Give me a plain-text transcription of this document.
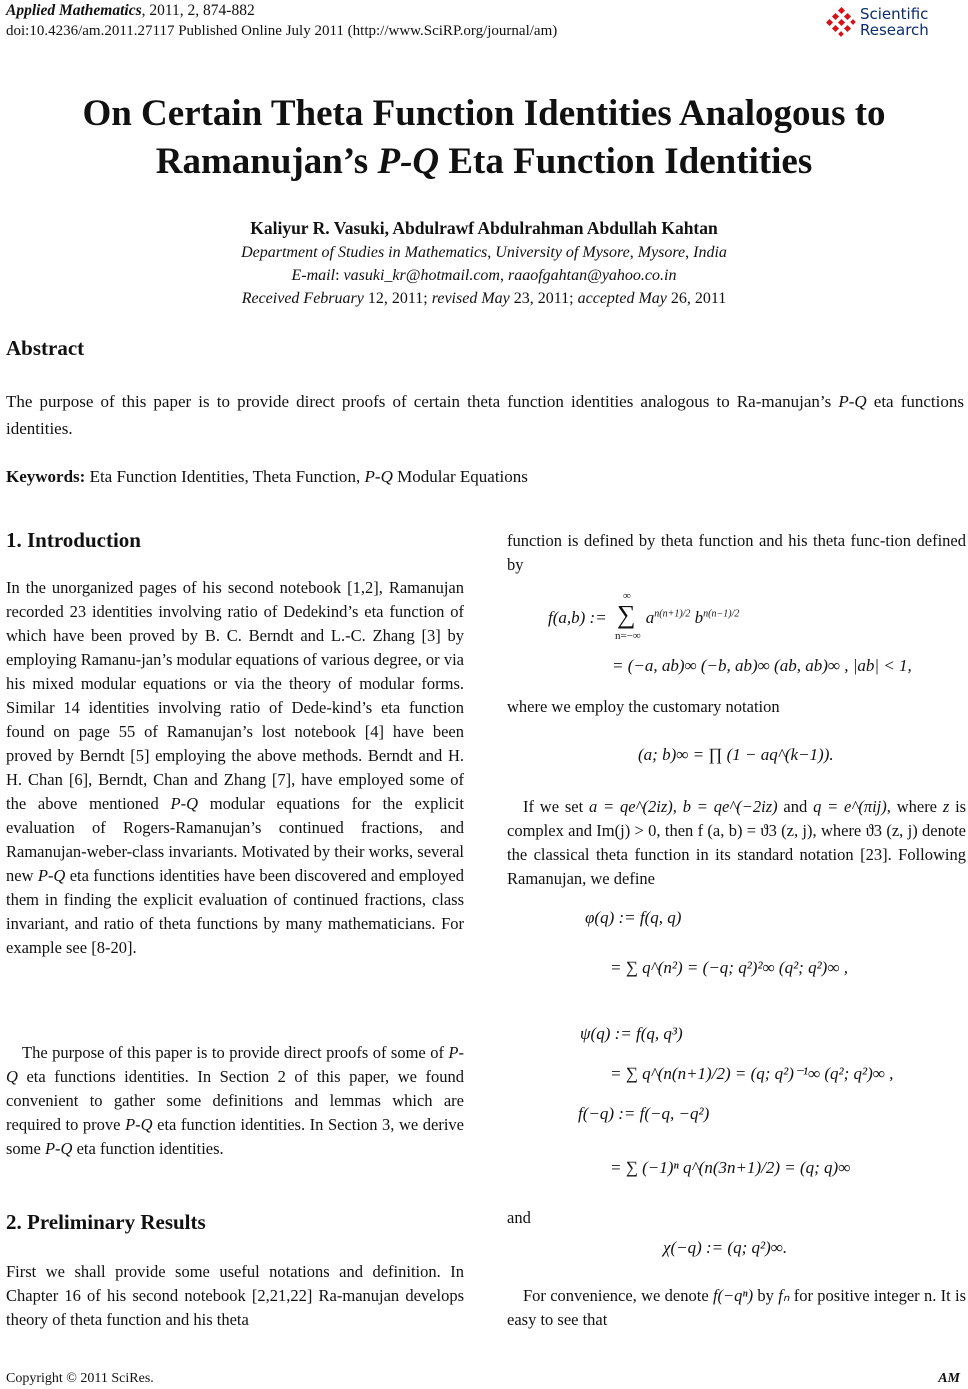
Applied Mathematics, 2011, 2, 874-882
doi:10.4236/am.2011.27117 Published Online July 2011 (http://www.SciRP.org/journal/am)
Scientific
Research
On Certain Theta Function Identities Analogous to
Ramanujan’s P-Q Eta Function Identities
Kaliyur R. Vasuki, Abdulrawf Abdulrahman Abdullah Kahtan
Department of Studies in Mathematics, University of Mysore, Mysore, India
E-mail: vasuki_kr@hotmail.com, raaofgahtan@yahoo.co.in
Received February 12, 2011; revised May 23, 2011; accepted May 26, 2011
Abstract
The purpose of this paper is to provide direct proofs of certain theta function identities analogous to Ra-manujan’s P-Q eta functions identities.
Keywords: Eta Function Identities, Theta Function, P-Q Modular Equations
1. Introduction
In the unorganized pages of his second notebook [1,2], Ramanujan recorded 23 identities involving ratio of Dedekind’s eta function of which have been proved by B. C. Berndt and L.-C. Zhang [3] by employing Ramanu-jan’s modular equations of various degree, or via his mixed modular equations or via the theory of modular forms. Similar 14 identities involving ratio of Dede-kind’s eta function found on page 55 of Ramanujan’s lost notebook [4] have been proved by Berndt [5] employing the above methods. Berndt and H. H. Chan [6], Berndt, Chan and Zhang [7], have employed some of the above mentioned P-Q modular equations for the explicit evaluation of Rogers-Ramanujan’s continued fractions, and Ramanujan-weber-class invariants. Motivated by their works, several new P-Q eta functions identities have been discovered and employed them in finding the explicit evaluation of continued fractions, class invariant, and ratio of theta functions by many mathematicians. For example see [8-20].
The purpose of this paper is to provide direct proofs of some of P-Q eta functions identities. In Section 2 of this paper, we found convenient to gather some definitions and lemmas which are required to prove P-Q eta function identities. In Section 3, we derive some P-Q eta function identities.
2. Preliminary Results
First we shall provide some useful notations and definition. In Chapter 16 of his second notebook [2,21,22] Ra-manujan develops theory of theta function and his theta
function is defined by theta function and his theta func-tion defined by
f(a,b) := ∑
∞
n=−∞
$a^{n(n+1)/2}$ $b^{n(n-1)/2}$
= (−a, ab)∞ (−b, ab)∞ (ab, ab)∞ , |ab| < 1,
where we employ the customary notation
(a; b)∞ = ∏ (1 − aq^(k−1)).
If we set a = qe^(2iz), b = qe^(−2iz) and q = e^(πij), where z is complex and Im(j) > 0, then f (a, b) = ϑ3 (z, j), where ϑ3 (z, j) denote the classical theta function in its standard notation [23]. Following Ramanujan, we define
φ(q) := f(q, q)
= ∑ q^(n²) = (−q; q²)²∞ (q²; q²)∞ ,
ψ(q) := f(q, q³)
= ∑ q^(n(n+1)/2) = (q; q²)⁻¹∞ (q²; q²)∞ ,
f(−q) := f(−q, −q²)
= ∑ (−1)ⁿ q^(n(3n+1)/2) = (q; q)∞
and
χ(−q) := (q; q²)∞.
For convenience, we denote f(−qⁿ) by fₙ for positive integer n. It is easy to see that
Copyright © 2011 SciRes.	AM
